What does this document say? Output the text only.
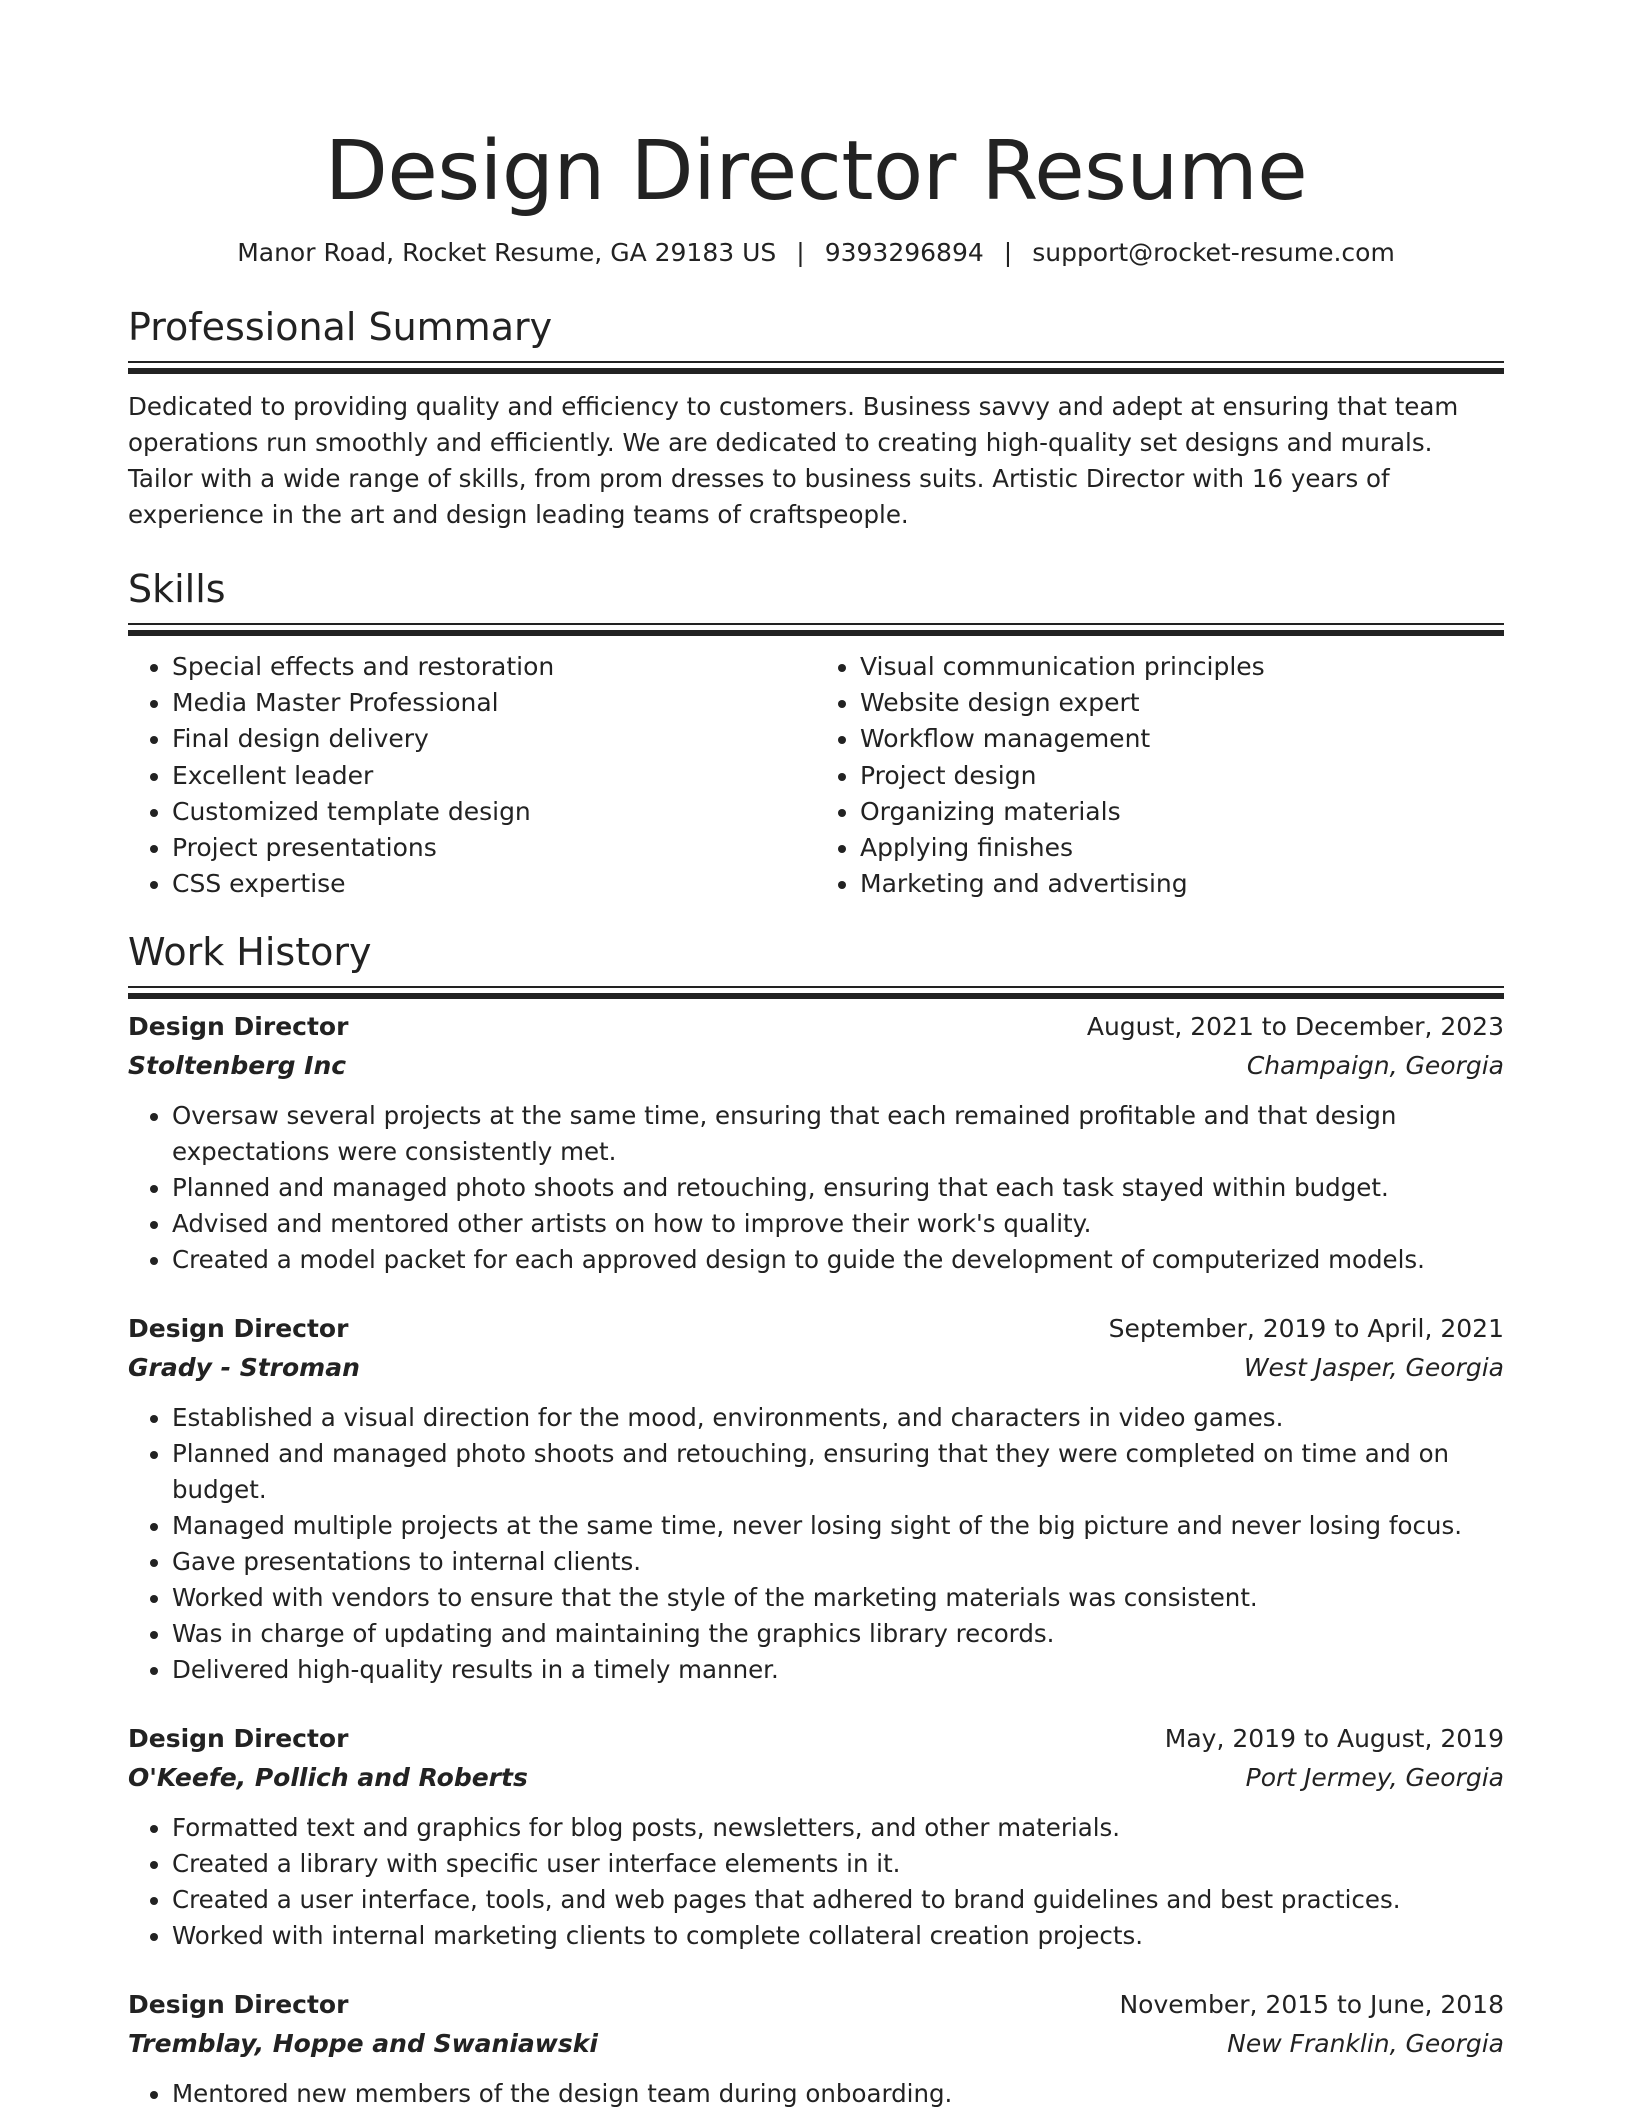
Design Director Resume
Manor Road, Rocket Resume, GA 29183 US | 9393296894 | support@rocket-resume.com
Professional Summary

Dedicated to providing quality and efficiency to customers. Business savvy and adept at ensuring that team operations run smoothly and efficiently. We are dedicated to creating high-quality set designs and murals. Tailor with a wide range of skills, from prom dresses to business suits. Artistic Director with 16 years of experience in the art and design leading teams of craftspeople.

Skills
• Special effects and restoration
• Media Master Professional
• Final design delivery
• Excellent leader
• Customized template design
• Project presentations
• CSS expertise
• Visual communication principles
• Website design expert
• Workflow management
• Project design
• Organizing materials
• Applying finishes
• Marketing and advertising
Work History
Design Director	August, 2021 to December, 2023
Stoltenberg Inc	Champaign, Georgia
• Oversaw several projects at the same time, ensuring that each remained profitable and that design expectations were consistently met.
• Planned and managed photo shoots and retouching, ensuring that each task stayed within budget.
• Advised and mentored other artists on how to improve their work's quality.
• Created a model packet for each approved design to guide the development of computerized models.
Design Director	September, 2019 to April, 2021
Grady - Stroman	West Jasper, Georgia
• Established a visual direction for the mood, environments, and characters in video games.
• Planned and managed photo shoots and retouching, ensuring that they were completed on time and on budget.
• Managed multiple projects at the same time, never losing sight of the big picture and never losing focus.
• Gave presentations to internal clients.
• Worked with vendors to ensure that the style of the marketing materials was consistent.
• Was in charge of updating and maintaining the graphics library records.
• Delivered high-quality results in a timely manner.
Design Director	May, 2019 to August, 2019
O'Keefe, Pollich and Roberts	Port Jermey, Georgia
• Formatted text and graphics for blog posts, newsletters, and other materials.
• Created a library with specific user interface elements in it.
• Created a user interface, tools, and web pages that adhered to brand guidelines and best practices.
• Worked with internal marketing clients to complete collateral creation projects.
Design Director	November, 2015 to June, 2018
Tremblay, Hoppe and Swaniawski	New Franklin, Georgia
• Mentored new members of the design team during onboarding.
